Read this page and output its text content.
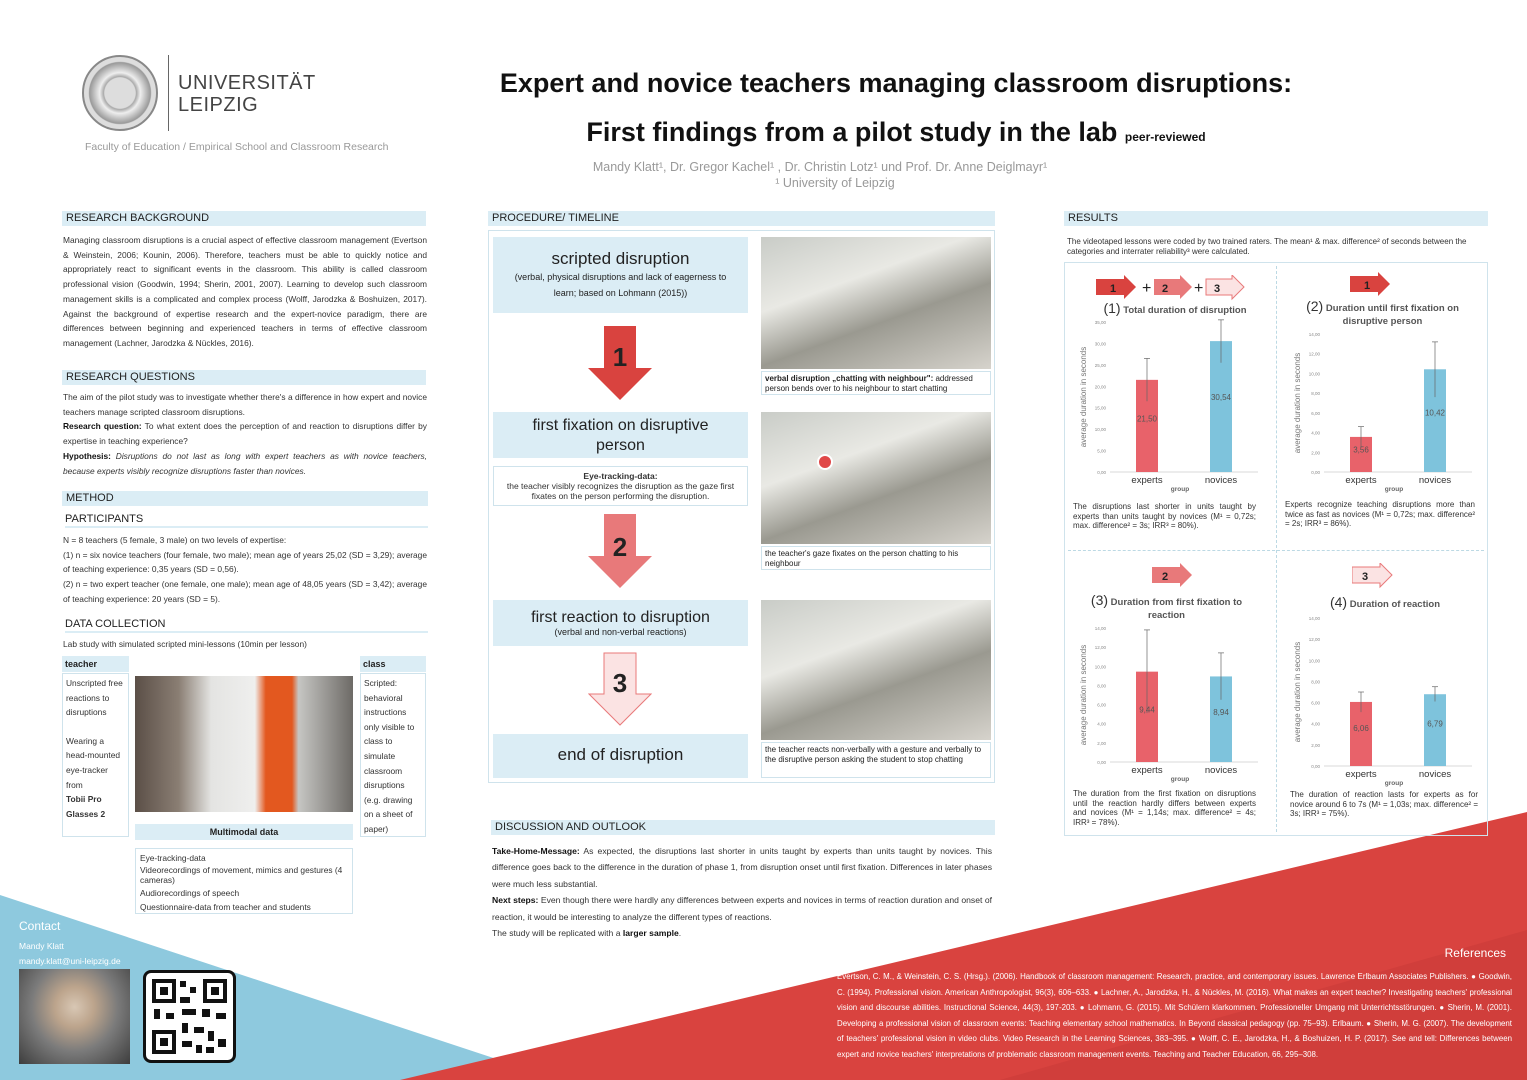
UNIVERSITÄT
LEIPZIG
Faculty of Education / Empirical School and Classroom Research
Expert and novice teachers managing classroom disruptions:
First findings from a pilot study in the lab peer-reviewed
Mandy Klatt¹, Dr. Gregor Kachel¹ , Dr. Christin Lotz¹ und Prof. Dr. Anne Deiglmayr¹
¹ University of Leipzig
RESEARCH BACKGROUND
Managing classroom disruptions is a crucial aspect of effective classroom management (Evertson & Weinstein, 2006; Kounin, 2006). Therefore, teachers must be able to quickly notice and appropriately react to significant events in the classroom. This ability is called classroom professional vision (Goodwin, 1994; Sherin, 2001, 2007). Learning to develop such classroom management skills is a complicated and complex process (Wolff, Jarodzka & Boshuizen, 2017). Against the background of expertise research and the expert-novice paradigm, there are differences between beginning and experienced teachers in terms of effective classroom management (Lachner, Jarodzka & Nückles, 2016).
RESEARCH QUESTIONS

The aim of the pilot study was to investigate whether there's a difference in how expert and novice teachers manage scripted classroom disruptions.

Research question: To what extent does the perception of and reaction to disruptions differ by expertise in teaching experience?

Hypothesis: Disruptions do not last as long with expert teachers as with novice teachers, because experts visibly recognize disruptions faster than novices.

METHOD
PARTICIPANTS

N = 8 teachers (5 female, 3 male) on two levels of expertise:

(1) n = six novice teachers (four female, two male); mean age of years 25,02 (SD = 3,29); average of teaching experience: 0,35 years (SD = 0,56).

(2) n = two expert teacher (one female, one male); mean age of 48,05 years (SD = 3,42); average of teaching experience: 20 years (SD = 5).

DATA COLLECTION
Lab study with simulated scripted mini-lessons (10min per lesson)
teacher
Unscripted free reactions to disruptions
Wearing a head-mounted eye-tracker from
Tobii Pro Glasses 2
Multimodal data
Eye-tracking-data
Videorecordings of movement, mimics and gestures (4 cameras)
Audiorecordings of speech
Questionnaire-data from teacher and students
class
Scripted: behavioral instructions only visible to class to simulate classroom disruptions (e.g. drawing on a sheet of paper)
PROCEDURE/ TIMELINE
scripted disruption
(verbal, physical disruptions and lack of eagerness to learn; based on Lohmann (2015))
1
first fixation on disruptive person
Eye-tracking-data:
the teacher visibly recognizes the disruption as the gaze first fixates on the person performing the disruption.
2
first reaction to disruption
(verbal and non-verbal reactions)
3
end of disruption
verbal disruption „chatting with neighbour": addressed person bends over to his neighbour to start chatting
the teacher's gaze fixates on the person chatting to his neighbour
the teacher reacts non-verbally with a gesture and verbally to the disruptive person asking the student to stop chatting
DISCUSSION AND OUTLOOK

Take-Home-Message: As expected, the disruptions last shorter in units taught by experts than units taught by novices. This difference goes back to the difference in the duration of phase 1, from disruption onset until first fixation. Differences in later phases were much less substantial.

Next steps: Even though there were hardly any differences between experts and novices in terms of reaction duration and onset of reaction, it would be interesting to analyze the different types of reactions.

The study will be replicated with a larger sample.

RESULTS
The videotaped lessons were coded by two trained raters. The mean¹ & max. difference² of seconds between the categories and interrater reliability³ were calculated.
1 + 2 + 3
(1) Total duration of disruption
0,00
5,00
10,00
15,00
20,00
25,00
30,00
35,00
average duration in seconds	21,50
experts
30,54
novices
group
The disruptions last shorter in units taught by experts than units taught by novices (M¹ = 0,72s; max. difference² = 3s; IRR³ = 80%).
1
(2) Duration until first fixation on disruptive person
0,00
2,00
4,00
6,00
8,00
10,00
12,00
14,00
average duration in seconds	3,56
experts
10,42
novices
group
Experts recognize teaching disruptions more than twice as fast as novices (M¹ = 0,72s; max. difference² = 2s; IRR³ = 86%).
2
(3) Duration from first fixation to reaction
0,00
2,00
4,00
6,00
8,00
10,00
12,00
14,00
average duration in seconds	9,44
experts
8,94
novices
group
The duration from the first fixation on disruptions until the reaction hardly differs between experts and novices (M¹ = 1,14s; max. difference² = 4s; IRR³ = 78%).
3
(4) Duration of reaction
0,00
2,00
4,00
6,00
8,00
10,00
12,00
14,00
average duration in seconds	6,06
experts
6,79
novices
group
The duration of reaction lasts for experts as for novice around 6 to 7s (M¹ = 1,03s; max. difference² = 3s; IRR³ = 75%).
Contact
Mandy Klatt
mandy.klatt@uni-leipzig.de
References
Evertson, C. M., & Weinstein, C. S. (Hrsg.). (2006). Handbook of classroom management: Research, practice, and contemporary issues. Lawrence Erlbaum Associates Publishers. ● Goodwin, C. (1994). Professional vision. American Anthropologist, 96(3), 606–633. ● Lachner, A., Jarodzka, H., & Nückles, M. (2016). What makes an expert teacher? Investigating teachers' professional vision and discourse abilities. Instructional Science, 44(3), 197-203. ● Lohmann, G. (2015). Mit Schülern klarkommen. Professioneller Umgang mit Unterrichtsstörungen. ● Sherin, M. (2001). Developing a professional vision of classroom events: Teaching elementary school mathematics. In Beyond classical pedagogy (pp. 75–93). Erlbaum. ● Sherin, M. G. (2007). The development of teachers' professional vision in video clubs. Video Research in the Learning Sciences, 383–395. ● Wolff, C. E., Jarodzka, H., & Boshuizen, H. P. (2017). See and tell: Differences between expert and novice teachers' interpretations of problematic classroom management events. Teaching and Teacher Education, 66, 295–308.
